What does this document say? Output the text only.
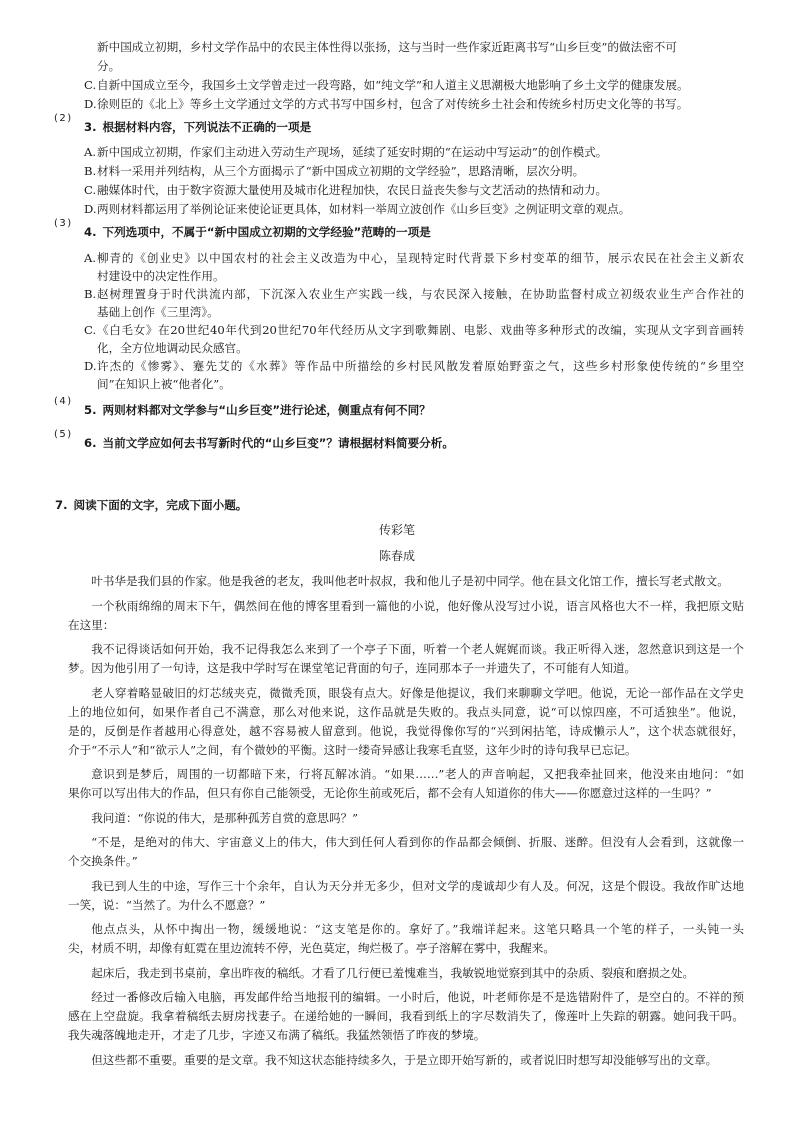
新中国成立初期，乡村文学作品中的农民主体性得以张扬，这与当时一些作家近距离书写“山乡巨变”的做法密不可
分。
C. 自新中国成立至今，我国乡土文学曾走过一段弯路，如“纯文学”和人道主义思潮极大地影响了乡土文学的健康发展。
D. 徐则臣的《北上》等乡土文学通过文学的方式书写中国乡村，包含了对传统乡土社会和传统乡村历史文化等的书写。
(2)
3. 根据材料内容，下列说法不正确的一项是
A. 新中国成立初期，作家们主动进入劳动生产现场，延续了延安时期的“在运动中写运动”的创作模式。
B. 材料一采用并列结构，从三个方面揭示了“新中国成立初期的文学经验”，思路清晰，层次分明。
C. 融媒体时代，由于数字资源大量使用及城市化进程加快，农民日益丧失参与文艺活动的热情和动力。
D. 两则材料都运用了举例论证来使论证更具体，如材料一举周立波创作《山乡巨变》之例证明文章的观点。
(3)
4. 下列选项中，不属于“新中国成立初期的文学经验”范畴的一项是
A. 柳青的《创业史》以中国农村的社会主义改造为中心，呈现特定时代背景下乡村变革的细节，展示农民在社会主义新农
村建设中的决定性作用。
B. 赵树理置身于时代洪流内部，下沉深入农业生产实践一线，与农民深入接触，在协助监督村成立初级农业生产合作社的
基础上创作《三里湾》。
C. 《白毛女》在20世纪40年代到20世纪70年代经历从文字到歌舞剧、电影、戏曲等多种形式的改编，实现从文字到音画转
化，全方位地调动民众感官。
D. 许杰的《惨雾》、蹇先艾的《水葬》等作品中所描绘的乡村民风散发着原始野蛮之气，这些乡村形象使传统的“乡里空
间”在知识上被“他者化”。
(4)
5. 两则材料都对文学参与“山乡巨变”进行论述，侧重点有何不同？
(5)
6. 当前文学应如何去书写新时代的“山乡巨变”？请根据材料简要分析。
7. 阅读下面的文字，完成下面小题。
传彩笔
陈春成
叶书华是我们县的作家。他是我爸的老友，我叫他老叶叔叔，我和他儿子是初中同学。他在县文化馆工作，擅长写老式散文。
一个秋雨绵绵的周末下午，偶然间在他的博客里看到一篇他的小说，他好像从没写过小说，语言风格也大不一样，我把原文贴
在这里：
我不记得谈话如何开始，我不记得我怎么来到了一个亭子下面，听着一个老人娓娓而谈。我正听得入迷，忽然意识到这是一个
梦。因为他引用了一句诗，这是我中学时写在课堂笔记背面的句子，连同那本子一并遗失了，不可能有人知道。
老人穿着略显破旧的灯芯绒夹克，微微秃顶，眼袋有点大。好像是他提议，我们来聊聊文学吧。他说，无论一部作品在文学史
上的地位如何，如果作者自己不满意，那么对他来说，这作品就是失败的。我点头同意，说“可以惊四座，不可适独坐”。他说，
是的，反倒是作者越用心得意处，越不容易被人留意到。他说，我觉得像你写的“兴到闲拈笔，诗成懒示人”，这个状态就很好，
介于“不示人”和“欲示人”之间，有个微妙的平衡。这时一缕奇异感让我寒毛直竖，这年少时的诗句我早已忘记。
意识到是梦后，周围的一切都暗下来，行将瓦解冰消。“如果……”老人的声音响起，又把我牵扯回来，他没来由地问：“如
果你可以写出伟大的作品，但只有你自己能领受，无论你生前或死后，都不会有人知道你的伟大——你愿意过这样的一生吗？”
我问道：“你说的伟大，是那种孤芳自赏的意思吗？”
“不是，是绝对的伟大、宇宙意义上的伟大，伟大到任何人看到你的作品都会倾倒、折服、迷醉。但没有人会看到，这就像一
个交换条件。”
我已到人生的中途，写作三十个余年，自认为天分并无多少，但对文学的虔诚却少有人及。何况，这是个假设。我故作旷达地
一笑，说：“当然了。为什么不愿意？”
他点点头，从怀中掏出一物，缓缓地说：“这支笔是你的。拿好了。”我端详起来。这笔只略具一个笔的样子，一头钝一头
尖，材质不明，却像有虹霓在里边流转不停，光色莫定，绚烂极了。亭子溶解在雾中，我醒来。
起床后，我走到书桌前，拿出昨夜的稿纸。才看了几行便已羞愧难当，我敏锐地觉察到其中的杂质、裂痕和磨损之处。
经过一番修改后输入电脑，再发邮件给当地报刊的编辑。一小时后，他说，叶老师你是不是选错附件了，是空白的。不祥的预
感在上空盘旋。我拿着稿纸去厨房找妻子。在递给她的一瞬间，我看到纸上的字尽数消失了，像莲叶上失踪的朝露。她问我干吗。
我失魂落魄地走开，才走了几步，字迹又布满了稿纸。我猛然领悟了昨夜的梦境。
但这些都不重要。重要的是文章。我不知这状态能持续多久，于是立即开始写新的，或者说旧时想写却没能够写出的文章。
